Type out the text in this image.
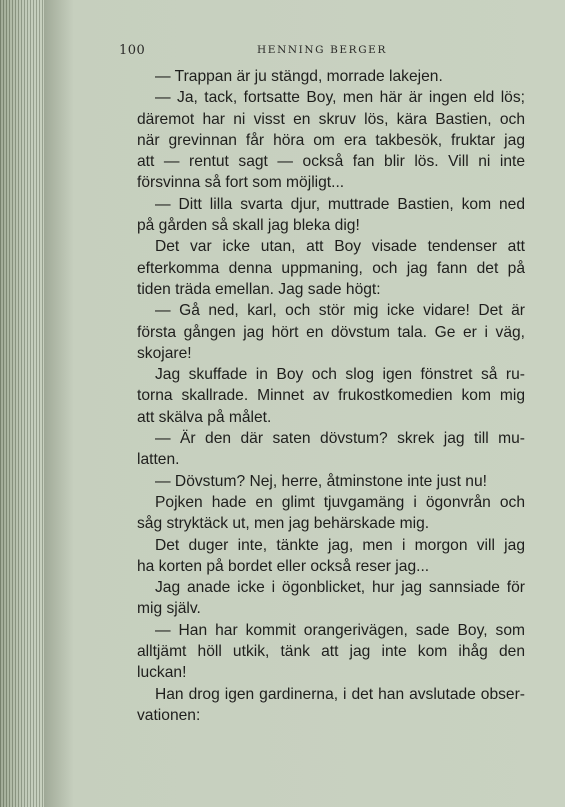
100	HENNING BERGER
— Trappan är ju stängd, morrade lakejen.
— Ja, tack, fortsatte Boy, men här är ingen eld lös;
däremot har ni visst en skruv lös, kära Bastien, och
när grevinnan får höra om era takbesök, fruktar jag
att — rentut sagt — också fan blir lös. Vill ni inte
försvinna så fort som möjligt...
— Ditt lilla svarta djur, muttrade Bastien, kom ned
på gården så skall jag bleka dig!
Det var icke utan, att Boy visade tendenser att
efterkomma denna uppmaning, och jag fann det på
tiden träda emellan. Jag sade högt:
— Gå ned, karl, och stör mig icke vidare! Det är
första gången jag hört en dövstum tala. Ge er i väg,
skojare!
Jag skuffade in Boy och slog igen fönstret så ru-
torna skallrade. Minnet av frukostkomedien kom mig
att skälva på målet.
— Är den där saten dövstum? skrek jag till mu-
latten.
— Dövstum? Nej, herre, åtminstone inte just nu!
Pojken hade en glimt tjuvgamäng i ögonvrån och
såg stryktäck ut, men jag behärskade mig.
Det duger inte, tänkte jag, men i morgon vill jag
ha korten på bordet eller också reser jag...
Jag anade icke i ögonblicket, hur jag sannsiade för
mig själv.
— Han har kommit orangerivägen, sade Boy, som
alltjämt höll utkik, tänk att jag inte kom ihåg den
luckan!
Han drog igen gardinerna, i det han avslutade obser-
vationen:
